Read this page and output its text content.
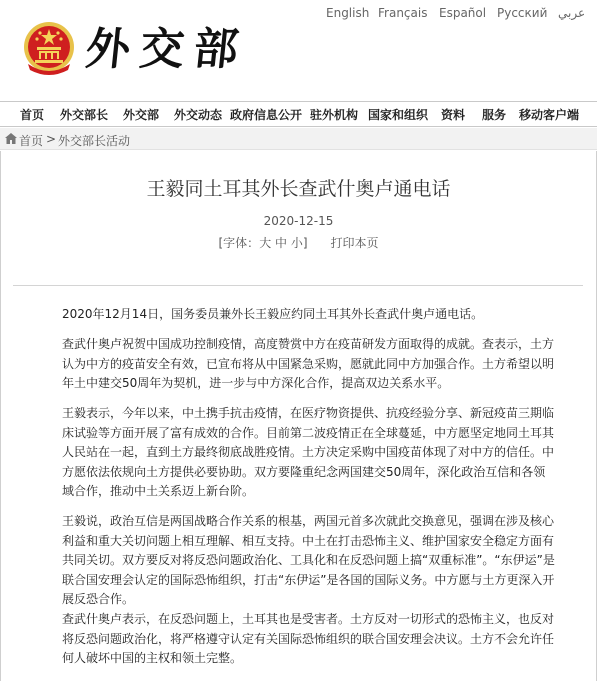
外交部
English Français Español Русский عربي
首页 外交部长 外交部 外交动态 政府信息公开 驻外机构 国家和组织 资料 服务 移动客户端
首页 > 外交部长活动
王毅同土耳其外长查武什奥卢通电话
2020-12-15
[字体：大 中 小] 打印本页

2020年12月14日，国务委员兼外长王毅应约同土耳其外长查武什奥卢通电话。

查武什奥卢祝贺中国成功控制疫情，高度赞赏中方在疫苗研发方面取得的成就。查表示，土方认为中方的疫苗安全有效，已宣布将从中国紧急采购，愿就此同中方加强合作。土方希望以明年土中建交50周年为契机，进一步与中方深化合作，提高双边关系水平。

王毅表示，今年以来，中土携手抗击疫情，在医疗物资提供、抗疫经验分享、新冠疫苗三期临床试验等方面开展了富有成效的合作。目前第二波疫情正在全球蔓延，中方愿坚定地同土耳其人民站在一起，直到土方最终彻底战胜疫情。土方决定采购中国疫苗体现了对中方的信任。中方愿依法依规向土方提供必要协助。双方要隆重纪念两国建交50周年，深化政治互信和各领域合作，推动中土关系迈上新台阶。

王毅说，政治互信是两国战略合作关系的根基，两国元首多次就此交换意见，强调在涉及核心利益和重大关切问题上相互理解、相互支持。中土在打击恐怖主义、维护国家安全稳定方面有共同关切。双方要反对将反恐问题政治化、工具化和在反恐问题上搞“双重标准”。“东伊运”是联合国安理会认定的国际恐怖组织，打击“东伊运”是各国的国际义务。中方愿与土方更深入开展反恐合作。

查武什奥卢表示，在反恐问题上，土耳其也是受害者。土方反对一切形式的恐怖主义，也反对将反恐问题政治化，将严格遵守认定有关国际恐怖组织的联合国安理会决议。土方不会允许任何人破坏中国的主权和领土完整。
